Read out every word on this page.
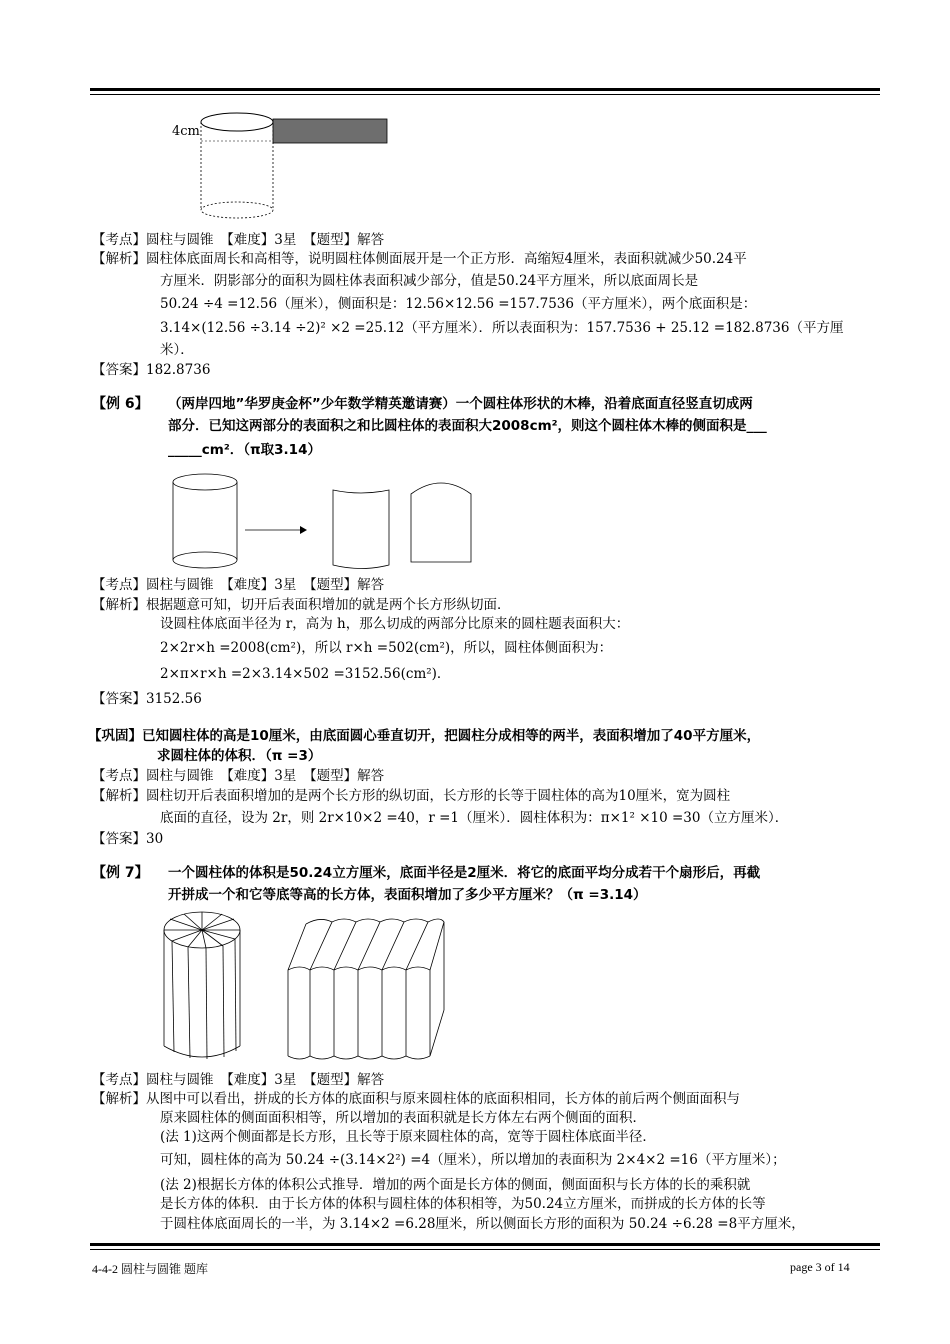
4cm
【考点】圆柱与圆锥　【难度】3星　【题型】解答
【解析】圆柱体底面周长和高相等，说明圆柱体侧面展开是一个正方形．高缩短4厘米，表面积就减少50.24平
方厘米．阴影部分的面积为圆柱体表面积减少部分，值是50.24平方厘米，所以底面周长是
50.24 ÷4 =12.56（厘米），侧面积是：12.56×12.56 =157.7536（平方厘米），两个底面积是：
3.14×(12.56 ÷3.14 ÷2)² ×2 =25.12（平方厘米）．所以表面积为：157.7536 + 25.12 =182.8736（平方厘
米）．
【答案】182.8736
【例 6】 （两岸四地”华罗庚金杯”少年数学精英邀请赛）一个圆柱体形状的木棒，沿着底面直径竖直切成两
部分．已知这两部分的表面积之和比圆柱体的表面积大2008cm²，则这个圆柱体木棒的侧面积是___
_____cm²．（π取3.14）
【考点】圆柱与圆锥　【难度】3星　【题型】解答
【解析】根据题意可知，切开后表面积增加的就是两个长方形纵切面．
设圆柱体底面半径为 r，高为 h，那么切成的两部分比原来的圆柱题表面积大：
2×2r×h =2008(cm²)，所以 r×h =502(cm²)，所以，圆柱体侧面积为：
2×π×r×h =2×3.14×502 =3152.56(cm²)．
【答案】3152.56
【巩固】已知圆柱体的高是10厘米，由底面圆心垂直切开，把圆柱分成相等的两半，表面积增加了40平方厘米，
求圆柱体的体积．（π =3）
【考点】圆柱与圆锥　【难度】3星　【题型】解答
【解析】圆柱切开后表面积增加的是两个长方形的纵切面，长方形的长等于圆柱体的高为10厘米，宽为圆柱
底面的直径，设为 2r，则 2r×10×2 =40，r =1（厘米）．圆柱体积为：π×1² ×10 =30（立方厘米）．
【答案】30
【例 7】 一个圆柱体的体积是50.24立方厘米，底面半径是2厘米．将它的底面平均分成若干个扇形后，再截
开拼成一个和它等底等高的长方体，表面积增加了多少平方厘米？（π =3.14）
【考点】圆柱与圆锥　【难度】3星　【题型】解答
【解析】从图中可以看出，拼成的长方体的底面积与原来圆柱体的底面积相同，长方体的前后两个侧面面积与
原来圆柱体的侧面面积相等，所以增加的表面积就是长方体左右两个侧面的面积．
(法 1)这两个侧面都是长方形，且长等于原来圆柱体的高，宽等于圆柱体底面半径．
可知，圆柱体的高为 50.24 ÷(3.14×2²) =4（厘米），所以增加的表面积为 2×4×2 =16（平方厘米）；
(法 2)根据长方体的体积公式推导．增加的两个面是长方体的侧面，侧面面积与长方体的长的乘积就
是长方体的体积．由于长方体的体积与圆柱体的体积相等，为50.24立方厘米，而拼成的长方体的长等
于圆柱体底面周长的一半，为 3.14×2 =6.28厘米，所以侧面长方形的面积为 50.24 ÷6.28 =8平方厘米，
4-4-2 圆柱与圆锥 题库	page 3 of 14
